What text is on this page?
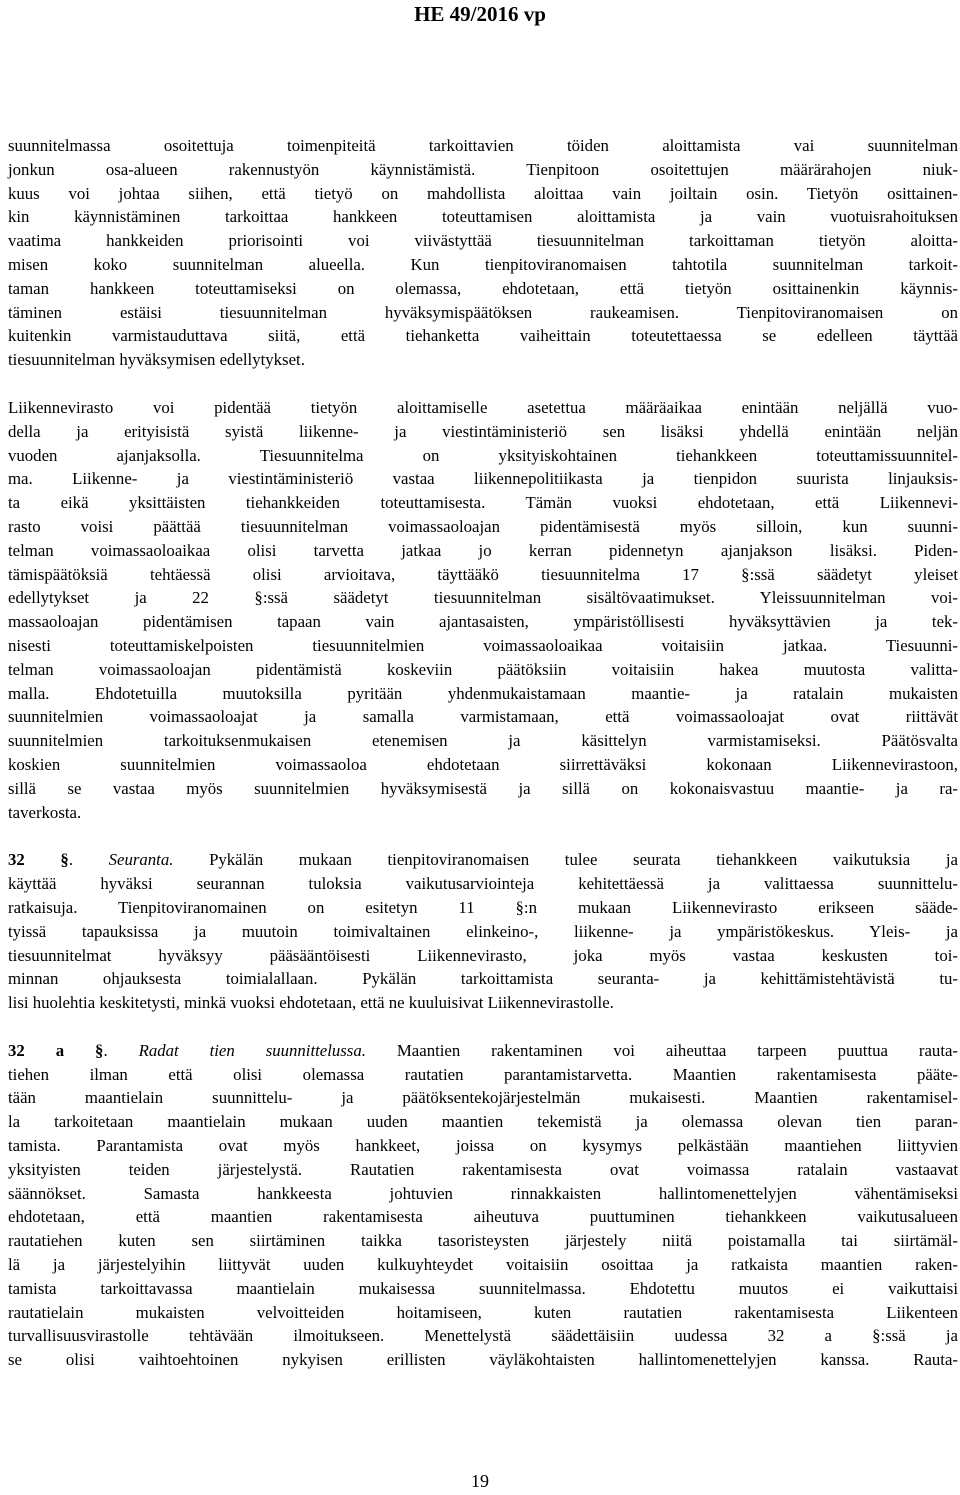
HE 49/2016 vp
suunnitelmassa osoitettuja toimenpiteitä tarkoittavien töiden aloittamista vai suunnitelman
jonkun osa-alueen rakennustyön käynnistämistä. Tienpitoon osoitettujen määrärahojen niuk-
kuus voi johtaa siihen, että tietyö on mahdollista aloittaa vain joiltain osin. Tietyön osittainen-
kin käynnistäminen tarkoittaa hankkeen toteuttamisen aloittamista ja vain vuotuisrahoituksen
vaatima hankkeiden priorisointi voi viivästyttää tiesuunnitelman tarkoittaman tietyön aloitta-
misen koko suunnitelman alueella. Kun tienpitoviranomaisen tahtotila suunnitelman tarkoit-
taman hankkeen toteuttamiseksi on olemassa, ehdotetaan, että tietyön osittainenkin käynnis-
täminen estäisi tiesuunnitelman hyväksymispäätöksen raukeamisen. Tienpitoviranomaisen on
kuitenkin varmistauduttava siitä, että tiehanketta vaiheittain toteutettaessa se edelleen täyttää
tiesuunnitelman hyväksymisen edellytykset.
Liikennevirasto voi pidentää tietyön aloittamiselle asetettua määräaikaa enintään neljällä vuo-
della ja erityisistä syistä liikenne- ja viestintäministeriö sen lisäksi yhdellä enintään neljän
vuoden ajanjaksolla. Tiesuunnitelma on yksityiskohtainen tiehankkeen toteuttamissuunnitel-
ma. Liikenne- ja viestintäministeriö vastaa liikennepolitiikasta ja tienpidon suurista linjauksis-
ta eikä yksittäisten tiehankkeiden toteuttamisesta. Tämän vuoksi ehdotetaan, että Liikennevi-
rasto voisi päättää tiesuunnitelman voimassaoloajan pidentämisestä myös silloin, kun suunni-
telman voimassaoloaikaa olisi tarvetta jatkaa jo kerran pidennetyn ajanjakson lisäksi. Piden-
tämispäätöksiä tehtäessä olisi arvioitava, täyttääkö tiesuunnitelma 17 §:ssä säädetyt yleiset
edellytykset ja 22 §:ssä säädetyt tiesuunnitelman sisältövaatimukset. Yleissuunnitelman voi-
massaoloajan pidentämisen tapaan vain ajantasaisten, ympäristöllisesti hyväksyttävien ja tek-
nisesti toteuttamiskelpoisten tiesuunnitelmien voimassaoloaikaa voitaisiin jatkaa. Tiesuunni-
telman voimassaoloajan pidentämistä koskeviin päätöksiin voitaisiin hakea muutosta valitta-
malla. Ehdotetuilla muutoksilla pyritään yhdenmukaistamaan maantie- ja ratalain mukaisten
suunnitelmien voimassaoloajat ja samalla varmistamaan, että voimassaoloajat ovat riittävät
suunnitelmien tarkoituksenmukaisen etenemisen ja käsittelyn varmistamiseksi. Päätösvalta
koskien suunnitelmien voimassaoloa ehdotetaan siirrettäväksi kokonaan Liikennevirastoon,
sillä se vastaa myös suunnitelmien hyväksymisestä ja sillä on kokonaisvastuu maantie- ja ra-
taverkosta.
32 §. Seuranta. Pykälän mukaan tienpitoviranomaisen tulee seurata tiehankkeen vaikutuksia ja
käyttää hyväksi seurannan tuloksia vaikutusarviointeja kehitettäessä ja valittaessa suunnittelu-
ratkaisuja. Tienpitoviranomainen on esitetyn 11 §:n mukaan Liikennevirasto erikseen sääde-
tyissä tapauksissa ja muutoin toimivaltainen elinkeino-, liikenne- ja ympäristökeskus. Yleis- ja
tiesuunnitelmat hyväksyy pääsääntöisesti Liikennevirasto, joka myös vastaa keskusten toi-
minnan ohjauksesta toimialallaan. Pykälän tarkoittamista seuranta- ja kehittämistehtävistä tu-
lisi huolehtia keskitetysti, minkä vuoksi ehdotetaan, että ne kuuluisivat Liikennevirastolle.
32 a §. Radat tien suunnittelussa. Maantien rakentaminen voi aiheuttaa tarpeen puuttua rauta-
tiehen ilman että olisi olemassa rautatien parantamistarvetta. Maantien rakentamisesta pääte-
tään maantielain suunnittelu- ja päätöksentekojärjestelmän mukaisesti. Maantien rakentamisel-
la tarkoitetaan maantielain mukaan uuden maantien tekemistä ja olemassa olevan tien paran-
tamista. Parantamista ovat myös hankkeet, joissa on kysymys pelkästään maantiehen liittyvien
yksityisten teiden järjestelystä. Rautatien rakentamisesta ovat voimassa ratalain vastaavat
säännökset. Samasta hankkeesta johtuvien rinnakkaisten hallintomenettelyjen vähentämiseksi
ehdotetaan, että maantien rakentamisesta aiheutuva puuttuminen tiehankkeen vaikutusalueen
rautatiehen kuten sen siirtäminen taikka tasoristeysten järjestely niitä poistamalla tai siirtämäl-
lä ja järjestelyihin liittyvät uuden kulkuyhteydet voitaisiin osoittaa ja ratkaista maantien raken-
tamista tarkoittavassa maantielain mukaisessa suunnitelmassa. Ehdotettu muutos ei vaikuttaisi
rautatielain mukaisten velvoitteiden hoitamiseen, kuten rautatien rakentamisesta Liikenteen
turvallisuusvirastolle tehtävään ilmoitukseen. Menettelystä säädettäisiin uudessa 32 a §:ssä ja
se olisi vaihtoehtoinen nykyisen erillisten väyläkohtaisten hallintomenettelyjen kanssa. Rauta-
19
